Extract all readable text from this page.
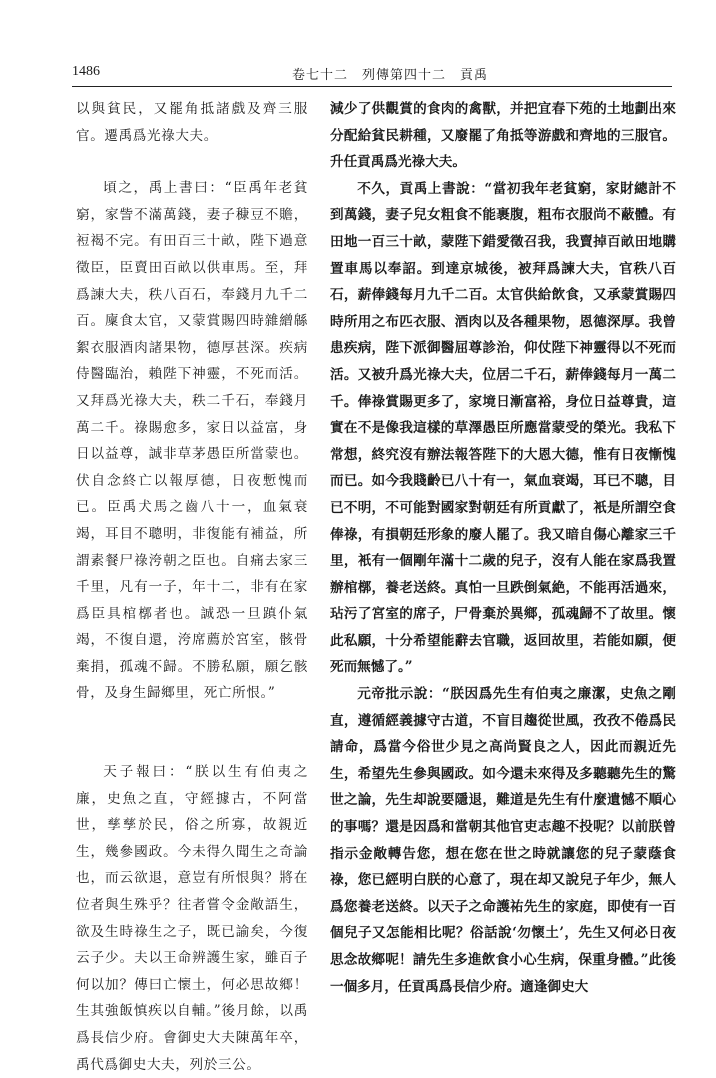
1486	卷七十二　列傳第四十二　貢禹

以與貧民，又罷角抵諸戲及齊三服官。遷禹爲光祿大夫。

頃之，禹上書曰：“臣禹年老貧窮，家訾不滿萬錢，妻子穅豆不贍，裋褐不完。有田百三十畝，陛下過意徵臣，臣賣田百畝以供車馬。至，拜爲諫大夫，秩八百石，奉錢月九千二百。廩食太官，又蒙賞賜四時雜繒緜絮衣服酒肉諸果物，德厚甚深。疾病侍醫臨治，賴陛下神靈，不死而活。又拜爲光祿大夫，秩二千石，奉錢月萬二千。祿賜愈多，家日以益富，身日以益尊，誠非草茅愚臣所當蒙也。伏自念終亡以報厚德，日夜慙愧而已。臣禹犬馬之齒八十一，血氣衰竭，耳目不聰明，非復能有補益，所謂素餐尸祿洿朝之臣也。自痛去家三千里，凡有一子，年十二，非有在家爲臣具棺槨者也。誠恐一旦蹎仆氣竭，不復自還，洿席薦於宮室，骸骨棄捐，孤魂不歸。不勝私願，願乞骸骨，及身生歸鄉里，死亡所恨。”

天子報曰：“朕以生有伯夷之廉，史魚之直，守經據古，不阿當世，孳孳於民，俗之所寡，故親近生，幾參國政。今未得久聞生之奇論也，而云欲退，意豈有所恨與？將在位者與生殊乎？往者嘗令金敞語生，欲及生時祿生之子，既已諭矣，今復云子少。夫以王命辨護生家，雖百子何以加？傳曰亡懷土，何必思故鄉！生其強飯慎疾以自輔。”後月餘，以禹爲長信少府。會御史大夫陳萬年卒，禹代爲御史大夫，列於三公。

減少了供觀賞的食肉的禽獸，并把宜春下苑的土地劃出來分配給貧民耕種，又廢罷了角抵等游戲和齊地的三服官。升任貢禹爲光祿大夫。

不久，貢禹上書說：“當初我年老貧窮，家財總計不到萬錢，妻子兒女粗食不能裹腹，粗布衣服尚不蔽體。有田地一百三十畝，蒙陛下錯愛徵召我，我賣掉百畝田地購置車馬以奉詔。到達京城後，被拜爲諫大夫，官秩八百石，薪俸錢每月九千二百。太官供給飲食，又承蒙賞賜四時所用之布匹衣服、酒肉以及各種果物，恩德深厚。我曾患疾病，陛下派御醫屈尊診治，仰仗陛下神靈得以不死而活。又被升爲光祿大夫，位居二千石，薪俸錢每月一萬二千。俸祿賞賜更多了，家境日漸富裕，身位日益尊貴，這實在不是像我這樣的草澤愚臣所應當蒙受的榮光。我私下常想，終究沒有辦法報答陛下的大恩大德，惟有日夜慚愧而已。如今我賤齡已八十有一，氣血衰竭，耳已不聰，目已不明，不可能對國家對朝廷有所貢獻了，衹是所謂空食俸祿，有損朝廷形象的廢人罷了。我又暗自傷心離家三千里，衹有一個剛年滿十二歲的兒子，沒有人能在家爲我置辦棺槨，養老送終。真怕一旦跌倒氣絶，不能再活過來，玷污了宮室的席子，尸骨棄於異鄉，孤魂歸不了故里。懷此私願，十分希望能辭去官職，返回故里，若能如願，便死而無憾了。”

元帝批示說：“朕因爲先生有伯夷之廉潔，史魚之剛直，遵循經義據守古道，不盲目趨從世風，孜孜不倦爲民請命，爲當今俗世少見之高尚賢良之人，因此而親近先生，希望先生參與國政。如今還未來得及多聽聽先生的驚世之論，先生却說要隱退，難道是先生有什麼遺憾不順心的事嗎？還是因爲和當朝其他官吏志趣不投呢？以前朕曾指示金敞轉告您，想在您在世之時就讓您的兒子蒙蔭食祿，您已經明白朕的心意了，現在却又說兒子年少，無人爲您養老送終。以天子之命護祐先生的家庭，即使有一百個兒子又怎能相比呢？俗話說‘勿懷土’，先生又何必日夜思念故鄉呢！請先生多進飲食小心生病，保重身體。”此後一個多月，任貢禹爲長信少府。適逢御史大
